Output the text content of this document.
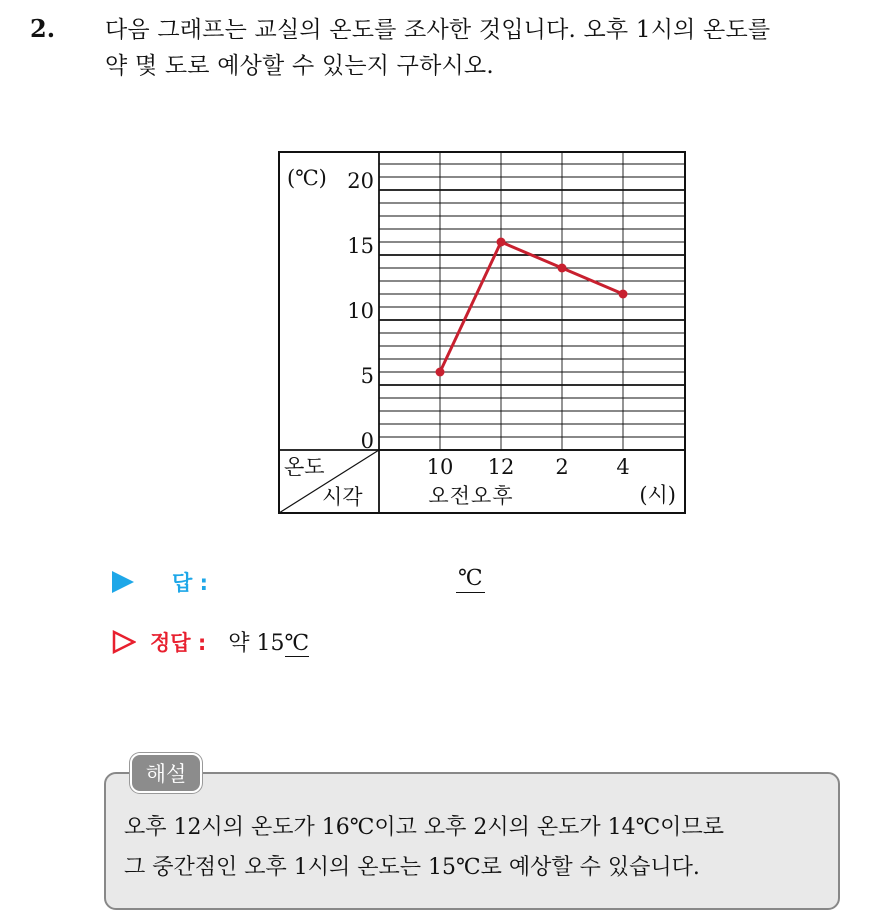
2. 다음 그래프는 교실의 온도를 조사한 것입니다. 오후 1시의 온도를
약 몇 도로 예상할 수 있는지 구하시오.
(℃)
0
5
10
15
20
온도
시각
10 12 2 4
오전오후	(시)
답 :	℃
정답 : 약 15℃
해설
오후 12시의 온도가 16℃이고 오후 2시의 온도가 14℃이므로
그 중간점인 오후 1시의 온도는 15℃로 예상할 수 있습니다.
